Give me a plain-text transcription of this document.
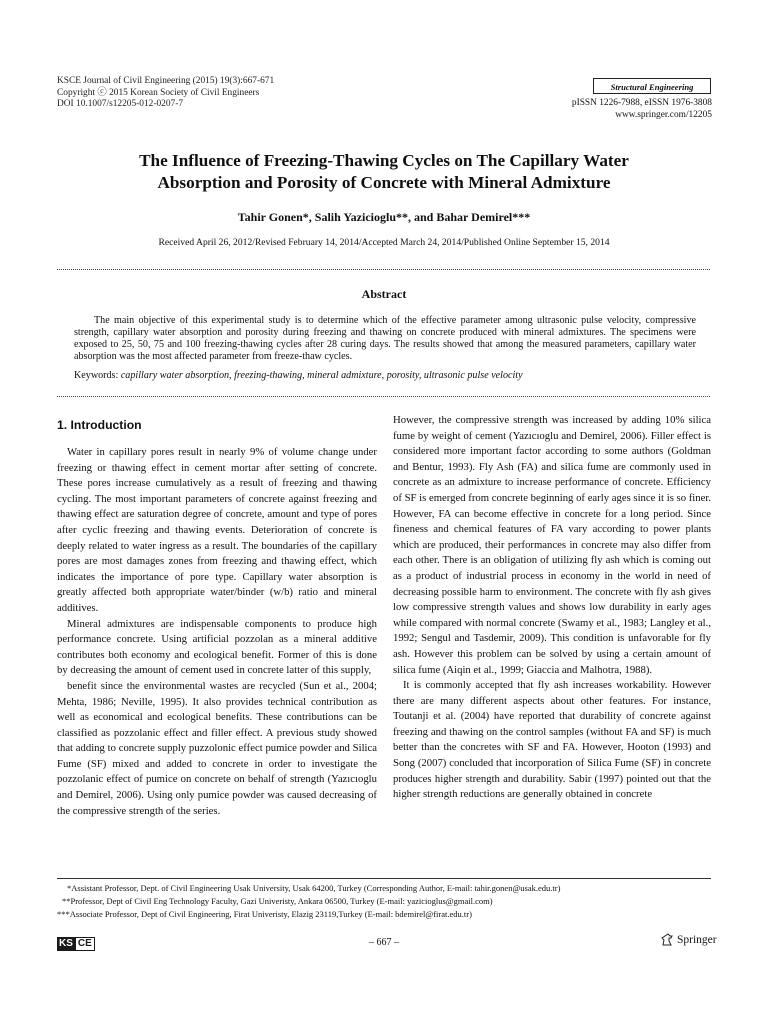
KSCE Journal of Civil Engineering (2015) 19(3):667-671
Copyright ⓒ 2015 Korean Society of Civil Engineers
DOI 10.1007/s12205-012-0207-7
Structural Engineering
pISSN 1226-7988, eISSN 1976-3808
www.springer.com/12205
The Influence of Freezing-Thawing Cycles on The Capillary Water
Absorption and Porosity of Concrete with Mineral Admixture
Tahir Gonen*, Salih Yazicioglu**, and Bahar Demirel***
Received April 26, 2012/Revised February 14, 2014/Accepted March 24, 2014/Published Online September 15, 2014
Abstract
The main objective of this experimental study is to determine which of the effective parameter among ultrasonic pulse velocity, compressive strength, capillary water absorption and porosity during freezing and thawing on concrete produced with mineral admixtures. The specimens were exposed to 25, 50, 75 and 100 freezing-thawing cycles after 28 curing days. The results showed that among the measured parameters, capillary water absorption was the most affected parameter from freeze-thaw cycles.
Keywords: capillary water absorption, freezing-thawing, mineral admixture, porosity, ultrasonic pulse velocity
1. Introduction

Water in capillary pores result in nearly 9% of volume change under freezing or thawing effect in cement mortar after setting of concrete. These pores increase cumulatively as a result of freezing and thawing cycling. The most important parameters of concrete against freezing and thawing effect are saturation degree of concrete, amount and type of pores after cyclic freezing and thawing events. Deterioration of concrete is deeply related to water ingress as a result. The boundaries of the capillary pores are most damages zones from freezing and thawing effect, which indicates the importance of pore type. Capillary water absorption is greatly affected both appropriate water/binder (w/b) ratio and mineral additives.

Mineral admixtures are indispensable components to produce high performance concrete. Using artificial pozzolan as a mineral additive contributes both economy and ecological benefit. Former of this is done by decreasing the amount of cement used in concrete latter of this supply,

benefit since the environmental wastes are recycled (Sun et al., 2004; Mehta, 1986; Neville, 1995). It also provides technical contribution as well as economical and ecological benefits. These contributions can be classified as pozzolanic effect and filler effect. A previous study showed that adding to concrete supply puzzolonic effect pumice powder and Silica Fume (SF) mixed and added to concrete in order to investigate the pozzolanic effect of pumice on concrete on behalf of strength (Yazıcıoglu and Demirel, 2006). Using only pumice powder was caused decreasing of the compressive strength of the series.

However, the compressive strength was increased by adding 10% silica fume by weight of cement (Yazıcıoglu and Demirel, 2006). Filler effect is considered more important factor according to some authors (Goldman and Bentur, 1993). Fly Ash (FA) and silica fume are commonly used in concrete as an admixture to increase performance of concrete. Efficiency of SF is emerged from concrete beginning of early ages since it is so finer. However, FA can become effective in concrete for a long period. Since fineness and chemical features of FA vary according to power plants which are produced, their performances in concrete may also differ from each other. There is an obligation of utilizing fly ash which is coming out as a product of industrial process in economy in the world in need of decreasing possible harm to environment. The concrete with fly ash gives low compressive strength values and shows low durability in early ages while compared with normal concrete (Swamy et al., 1983; Langley et al., 1992; Sengul and Tasdemir, 2009). This condition is unfavorable for fly ash. However this problem can be solved by using a certain amount of silica fume (Aiqin et al., 1999; Giaccia and Malhotra, 1988).

It is commonly accepted that fly ash increases workability. However there are many different aspects about other features. For instance, Toutanji et al. (2004) have reported that durability of concrete against freezing and thawing on the control samples (without FA and SF) is much better than the concretes with SF and FA. However, Hooton (1993) and Song (2007) concluded that incorporation of Silica Fume (SF) in concrete produces higher strength and durability. Sabir (1997) pointed out that the higher strength reductions are generally obtained in concrete

*Assistant Professor, Dept. of Civil Engineering Usak University, Usak 64200, Turkey (Corresponding Author, E-mail: tahir.gonen@usak.edu.tr)
**Professor, Dept of Civil Eng Technology Faculty, Gazi Univeristy, Ankara 06500, Turkey (E-mail: yazicioglus@gmail.com)
***Associate Professor, Dept of Civil Engineering, Firat Univeristy, Elazig 23119,Turkey (E-mail: bdemirel@firat.edu.tr)
KS CE	– 667 –	Springer
